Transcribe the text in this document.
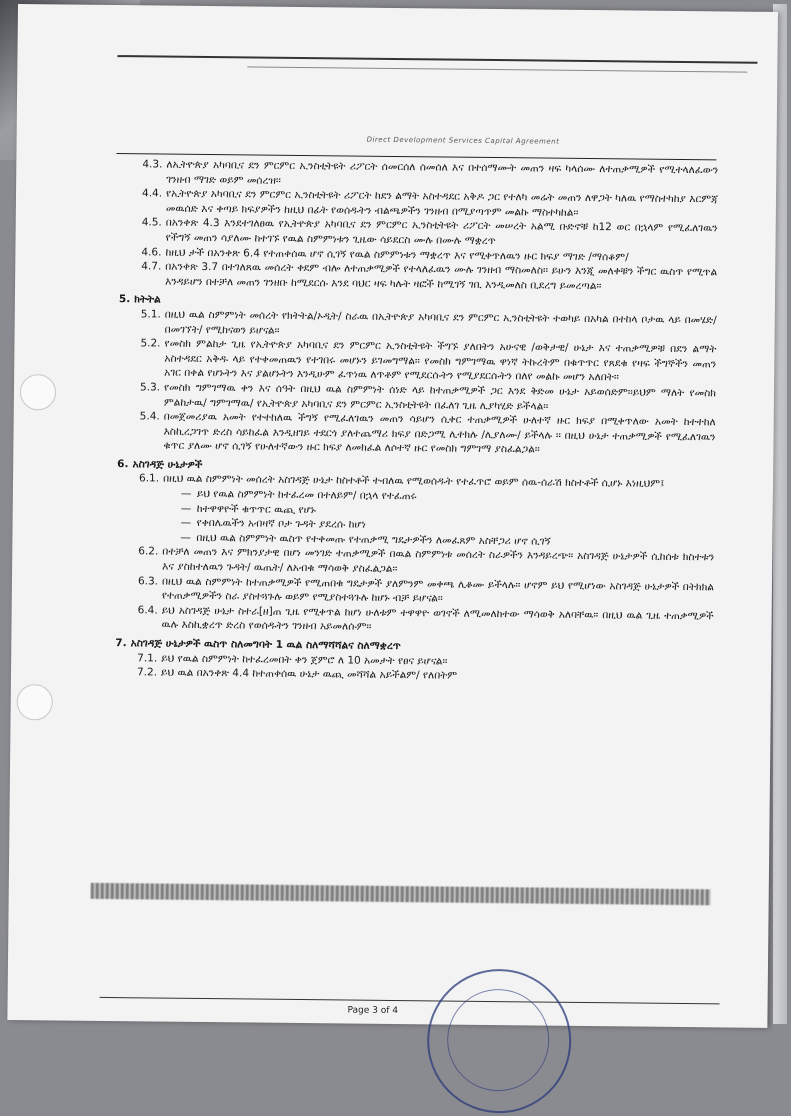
Direct Development Services Capital Agreement
4.3. ለኢትዮጵያ አካባቢና ደን ምርምር ኢንስቲትዩት ሪፖርት ሰመርሰለ ሰመሰለ እና በተሰማሙት መጠን ዛፍ ካላሰሙ ለተጠቃሚዎች የሚተላለፈውን ገንዘብ ማገድ ወይም መሰረዝ፡፡
4.4. የኢትዮጵያ አካባቢና ደን ምርምር ኢንስቲትዩት ሪፖርት ከደን ልማት አስተዳደር አቅዶ ጋር የተለካ መሬት መጠን ለዋጋት ካለዉ የማስተካከያ እርምጃ መዉሰድ እና ቀጣይ ክፍያዎችን ከዚህ በፊት የወሰዱትን ብልጫዎችን ገንዘብ በሚያጣጥም መልኩ ማስተካከል፡፡
4.5. በአንቀጽ 4.3 እንደተገለፀዉ የኢትዮጵያ አካባቢና ደን ምርምር ኢንስቲትዩት ሪፖርት መሠረት አልሚ ቡድኖቹ ከ12 ወር በኋላም የሚፈለገዉን የችግኝ መጠን ሳያለሙ ከተገኙ የዉል ስምምነቱን ጊዜው ሳይደርስ ሙሉ በሙሉ ማቋረጥ
4.6. ከዚህ ታች በአንቀጽ 6.4 የተጠቀሰዉ ሆኖ ሲገኝ የዉል ስምምነቱን ማቋረጥ እና የሚቀጥለዉን ዙር ክፍያ ማገድ /ማሰቆም/
4.7. በአንቀጽ 3.7 በተገለጸዉ መሰረት ቀደም ብሎ ለተጠቃሚዎች የተላለፈዉን ሙሉ ገንዘብ ማስመለስ፡፡ ይሁን እንጂ መለቀቹን ችግር ዉስጥ የሚጥል እንዳይሆን በተቻለ መጠን ገንዘቡ ከሚደርሱ እንደ ባህር ዛፍ ካሉት ዛፎች ከሚገኝ ገቢ እንዲመለስ ቢደረግ ይመረጣል፡፡
5. ክትትል
5.1. በዚህ ዉል ስምምነት መሰረት የክትትል/ኦዲት/ ስራዉ በኢትዮጵያ አካባቢና ደን ምርምር ኢንስቲትዩት ተወካይ በአካል በተከላ ቦታዉ ላይ በመሄድ/ በመገኘት/ የሚከናወን ይሆናል፡፡
5.2. የመስክ ምልከታ ጊዜ የኢትዮጵያ አካባቢና ደን ምርምር ኢንስቲትዩት ችግኙ ያለበትን አሁናዊ /ወቅታዊ/ ሁኔታ እና ተጠቃሚዎቹ በደን ልማት አስተዳደር አቅዱ ላይ የተቀመጠዉን የተገበሩ መሆኑን ይገመግማል፡፡ የመስክ ግምገማዉ ዋነኛ ትኩረትም በቁጥጥር የጸደቁ የዛፍ ችግኞችን መጠን አገር በቀል የሆኑትን እና ያልሆኑትን እንዲሁም ፈጥነዉ ለጥቶም የሚደርሱትን የሚያደርሱትን በለየ መልኩ መሆን አለበት፡፡
5.3. የመስክ ግምገማዉ ቀን እና ሰዓት በዚህ ዉል ስምምነት ሰነድ ላይ ከተጠቃሚዎች ጋር እንደ ቅድመ ሁኔታ አይወሰድም፡፡ይህም ማለት የመስክ ምልከታዉ/ ግምገማዉ/ የኢትዮጵያ አካባቢና ደን ምርምር ኢንስቲትዩት በፈለገ ጊዜ ሊያካሂድ ይችላል፡፡
5.4. በመጀመሪያዉ አመት የተተከለዉ ችግኝ የሚፈለገዉን መጠን ሳይሆን ሲቀር ተጠቃሚዎች ሁለተኛ ዙር ክፍያ በሚቀጥለው አመት ከተተከለ እስኪረጋገጥ ድረስ ሳይከፈል እንዲዘገይ ተደርጎ ያለተጨማሪ ክፍያ በድጋሚ ሊተክሉ /ሊያለሙ/ ይችላሉ ፡፡ በዚህ ሁኔታ ተጠቃሚዎች የሚፈለገዉን ቁጥር ያለሙ ሆኖ ሲገኝ የሁለተኛውን ዙር ክፍያ ለመክፈል ለሶተኛ ዙር የመስክ ግምገማ ያስፈልጋል፡፡
6. አስገዳጅ ሁኔታዎች
6.1. በዚህ ዉል ስምምነት መሰረት አስገዳጅ ሁኔታ ከስተቶች ተብለዉ የሚወሰዱት የተፈጥሮ ወይም ሰዉ-ሰራሽ ክስተቶች ሲሆኑ እነዚህም፤
— ይህ የዉል ስምምነት ከተፈረመ በተለይም/ በኋላ የተፈጠሩ
— ከተዋዋዮች ቁጥጥር ዉጪ የሆኑ
— የቀበሌዉችን አብዛኛ ቦታ ጉዳት ያደረሱ ከሆነ
— በዚህ ዉል ስምምነት ዉስጥ የተቀመጡ የተጠቃሚ ግዴታዎችን ለመፈጸም አስቸጋሪ ሆኖ ሲገኝ
6.2. በተቻለ መጠን እና ምክንያታዊ በሆነ መንገድ ተጠቃሚዎች በዉል ስምምነቱ መሰረት ስራዎችን እንዳይረጭ። አስገዳጅ ሁኔታዎች ሲከሰቱ ክስተቱን እና ያስከተለዉን ጉዳት/ ዉጤት/ ለአብቁ ማሳወቅ ያስፈልጋል፡፡
6.3. በዚህ ዉል ስምምነት ከተጠቃሚዎች የሚጠበቁ ግዴታዎች ያለምንም መቀጫ ሊቆሙ ይችላሉ፡፡ ሆኖም ይህ የሚሆነው አስገዳጅ ሁኔታዎች በትክክል የተጠቃሚዎችን ስራ ያስተጓጉሉ ወይም የሚያስተጓጉሉ ከሆኑ ብቻ ይሆናል፡፡
6.4. ይህ አስገዳጅ ሁኔታ ስተራ[ዘ]ጠ ጊዜ የሚቀጥል ከሆነ ሁለቱም ተዋዋዮ ወገኖች ለሚመለከተው ማሳወቅ አለባቸዉ፡፡ በዚህ ዉል ጊዜ ተጠቃሚዎች ዉሉ እስኪቋረጥ ድረስ የወሰዱትን ገንዘብ አይመለሱም፡፡
7. አስገዳጅ ሁኔታዎች ዉስጥ ስለመግባት 1 ዉል ስለማሻሻልና ስለማቋረጥ
7.1. ይህ የዉል ስምምነት ከተፈረመበት ቀን ጀምሮ ለ 10 አመታት የፀና ይሆናል፡፡
7.2. ይህ ዉል በአንቀጽ 4.4 ከተጠቀሰዉ ሁኔታ ዉጪ መሻሻል አይችልም/ የለበትም
Page 3 of 4
